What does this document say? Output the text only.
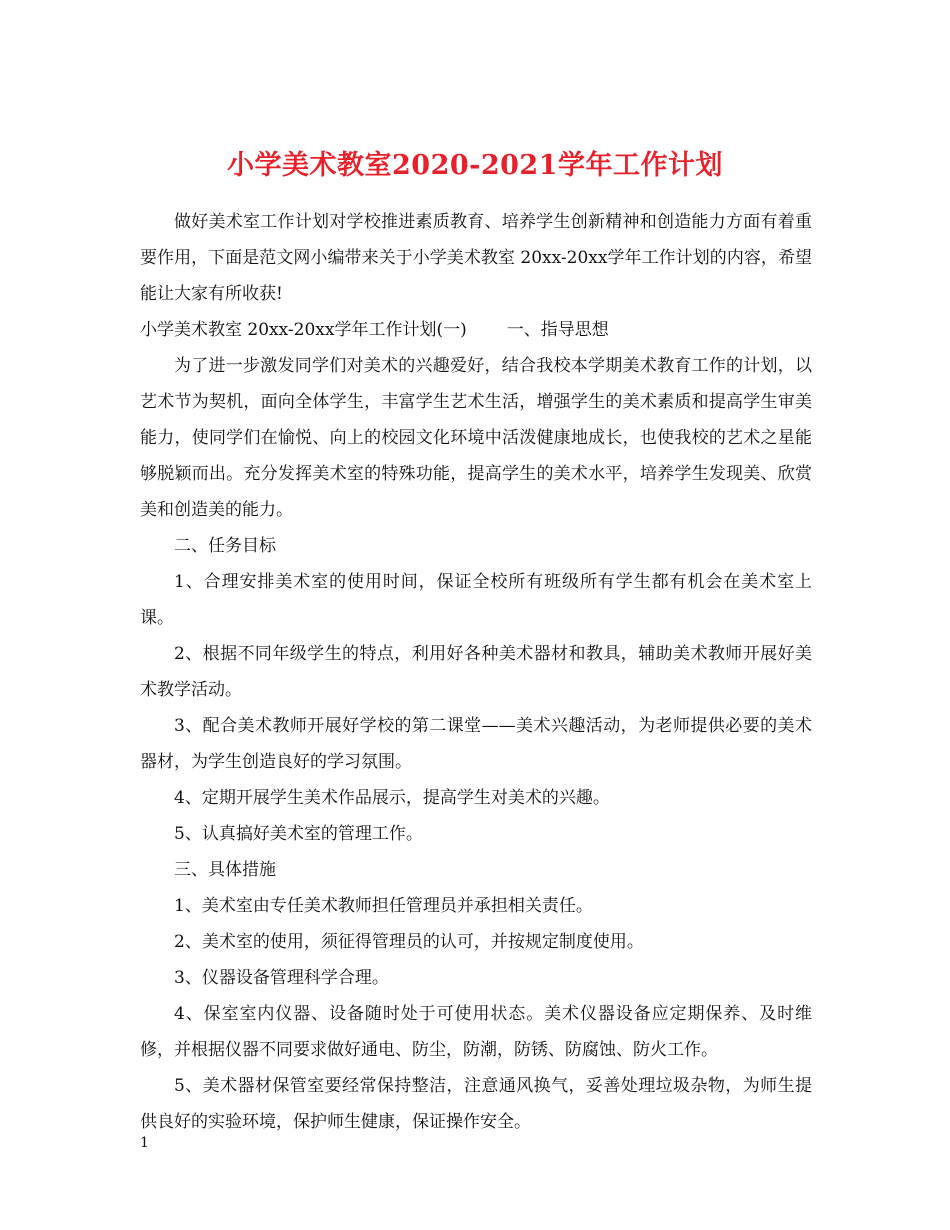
小学美术教室2020-2021学年工作计划

做好美术室工作计划对学校推进素质教育、培养学生创新精神和创造能力方面有着重要作用，下面是范文网小编带来关于小学美术教室 20xx-20xx学年工作计划的内容，希望能让大家有所收获!

小学美术教室 20xx-20xx学年工作计划(一) 一、指导思想

为了进一步激发同学们对美术的兴趣爱好，结合我校本学期美术教育工作的计划，以艺术节为契机，面向全体学生，丰富学生艺术生活，增强学生的美术素质和提高学生审美能力，使同学们在愉悦、向上的校园文化环境中活泼健康地成长，也使我校的艺术之星能够脱颖而出。充分发挥美术室的特殊功能，提高学生的美术水平，培养学生发现美、欣赏美和创造美的能力。

二、任务目标

1、合理安排美术室的使用时间，保证全校所有班级所有学生都有机会在美术室上课。

2、根据不同年级学生的特点，利用好各种美术器材和教具，辅助美术教师开展好美术教学活动。

3、配合美术教师开展好学校的第二课堂——美术兴趣活动，为老师提供必要的美术器材，为学生创造良好的学习氛围。

4、定期开展学生美术作品展示，提高学生对美术的兴趣。

5、认真搞好美术室的管理工作。

三、具体措施

1、美术室由专任美术教师担任管理员并承担相关责任。

2、美术室的使用，须征得管理员的认可，并按规定制度使用。

3、仪器设备管理科学合理。

4、保室室内仪器、设备随时处于可使用状态。美术仪器设备应定期保养、及时维修，并根据仪器不同要求做好通电、防尘，防潮，防锈、防腐蚀、防火工作。

5、美术器材保管室要经常保持整洁，注意通风换气，妥善处理垃圾杂物，为师生提供良好的实验环境，保护师生健康，保证操作安全。

1
